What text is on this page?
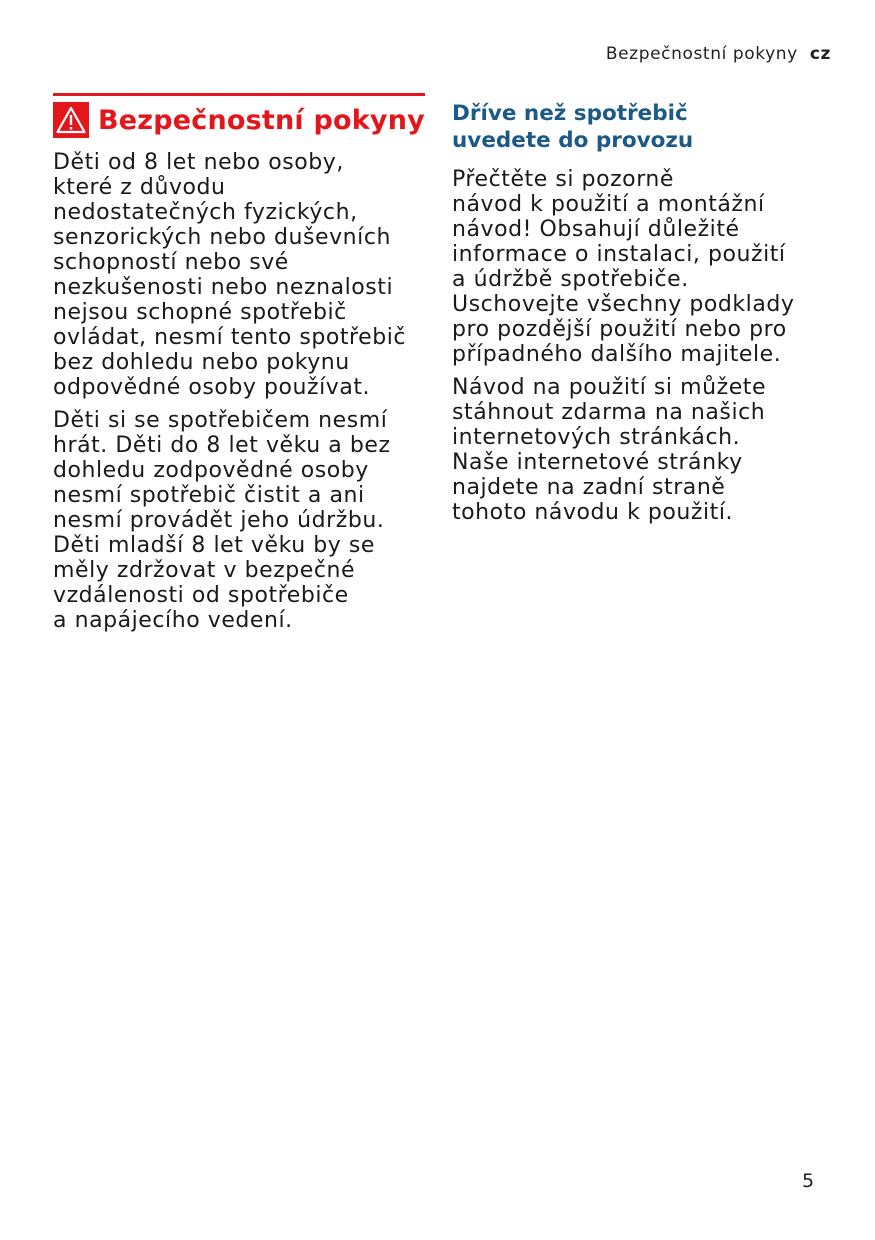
Bezpečnostní pokyny cz
Bezpečnostní pokyny

Děti od 8 let nebo osoby,
které z důvodu
nedostatečných fyzických,
senzorických nebo duševních
schopností nebo své
nezkušenosti nebo neznalosti
nejsou schopné spotřebič
ovládat, nesmí tento spotřebič
bez dohledu nebo pokynu
odpovědné osoby používat.

Děti si se spotřebičem nesmí
hrát. Děti do 8 let věku a bez
dohledu zodpovědné osoby
nesmí spotřebič čistit a ani
nesmí provádět jeho údržbu.
Děti mladší 8 let věku by se
měly zdržovat v bezpečné
vzdálenosti od spotřebiče
a napájecího vedení.

Dříve než spotřebič
uvedete do provozu

Přečtěte si pozorně
návod k použití a montážní
návod! Obsahují důležité
informace o instalaci, použití
a údržbě spotřebiče.
Uschovejte všechny podklady
pro pozdější použití nebo pro
případného dalšího majitele.

Návod na použití si můžete
stáhnout zdarma na našich
internetových stránkách.
Naše internetové stránky
najdete na zadní straně
tohoto návodu k použití.

5
